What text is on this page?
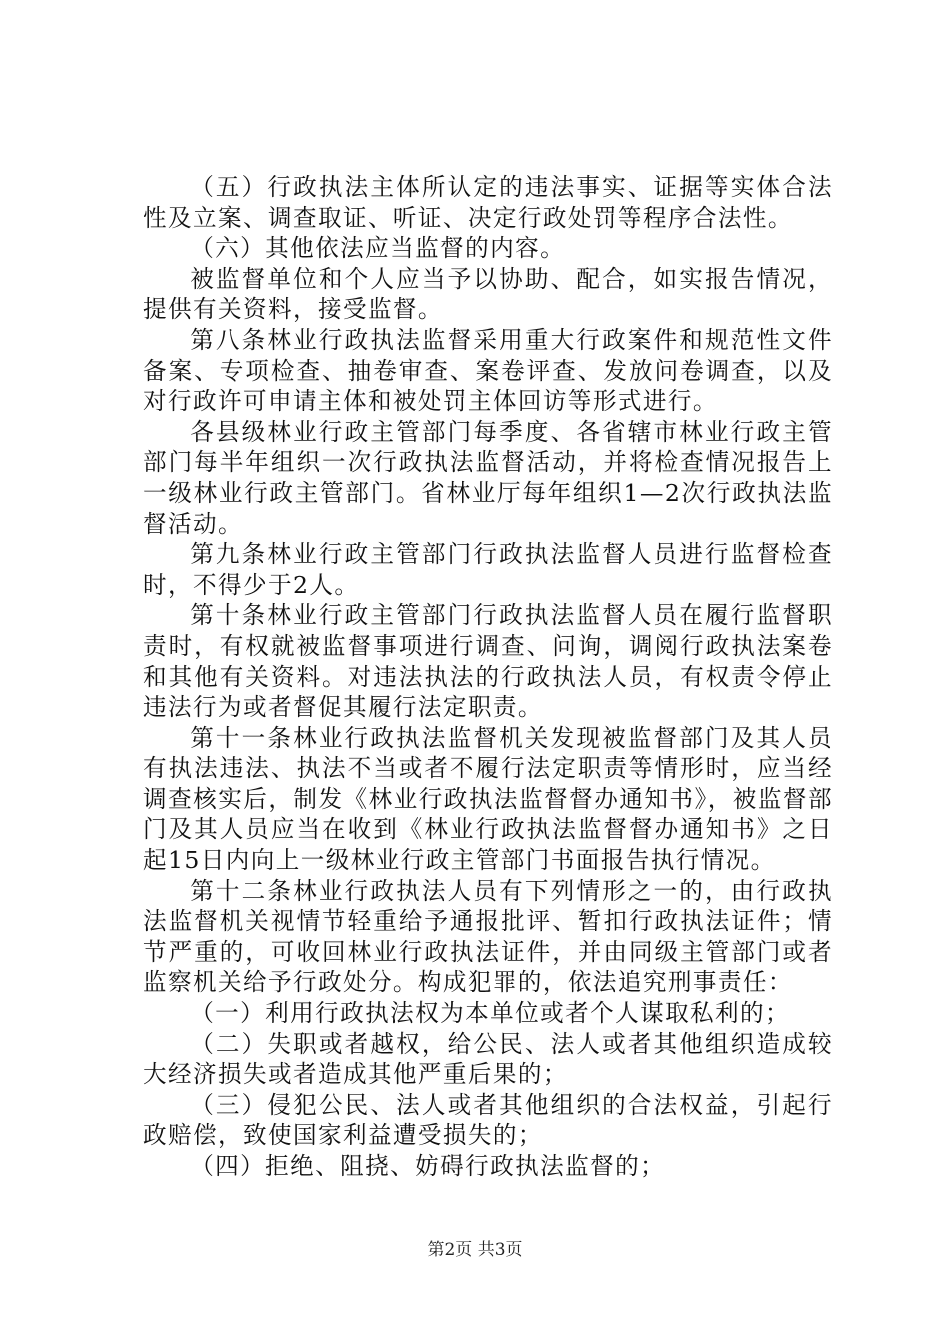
（五）行政执法主体所认定的违法事实、证据等实体合法性及立案、调查取证、听证、决定行政处罚等程序合法性。

（六）其他依法应当监督的内容。

被监督单位和个人应当予以协助、配合，如实报告情况，提供有关资料，接受监督。

第八条林业行政执法监督采用重大行政案件和规范性文件备案、专项检查、抽卷审查、案卷评查、发放问卷调查，以及对行政许可申请主体和被处罚主体回访等形式进行。

各县级林业行政主管部门每季度、各省辖市林业行政主管部门每半年组织一次行政执法监督活动，并将检查情况报告上一级林业行政主管部门。省林业厅每年组织1—2次行政执法监督活动。

第九条林业行政主管部门行政执法监督人员进行监督检查时，不得少于2人。

第十条林业行政主管部门行政执法监督人员在履行监督职责时，有权就被监督事项进行调查、问询，调阅行政执法案卷和其他有关资料。对违法执法的行政执法人员，有权责令停止违法行为或者督促其履行法定职责。

第十一条林业行政执法监督机关发现被监督部门及其人员有执法违法、执法不当或者不履行法定职责等情形时，应当经调查核实后，制发《林业行政执法监督督办通知书》，被监督部门及其人员应当在收到《林业行政执法监督督办通知书》之日起15日内向上一级林业行政主管部门书面报告执行情况。

第十二条林业行政执法人员有下列情形之一的，由行政执法监督机关视情节轻重给予通报批评、暂扣行政执法证件；情节严重的，可收回林业行政执法证件，并由同级主管部门或者监察机关给予行政处分。构成犯罪的，依法追究刑事责任：

（一）利用行政执法权为本单位或者个人谋取私利的；

（二）失职或者越权，给公民、法人或者其他组织造成较大经济损失或者造成其他严重后果的；

（三）侵犯公民、法人或者其他组织的合法权益，引起行政赔偿，致使国家利益遭受损失的；

（四）拒绝、阻挠、妨碍行政执法监督的；

第2页 共3页
